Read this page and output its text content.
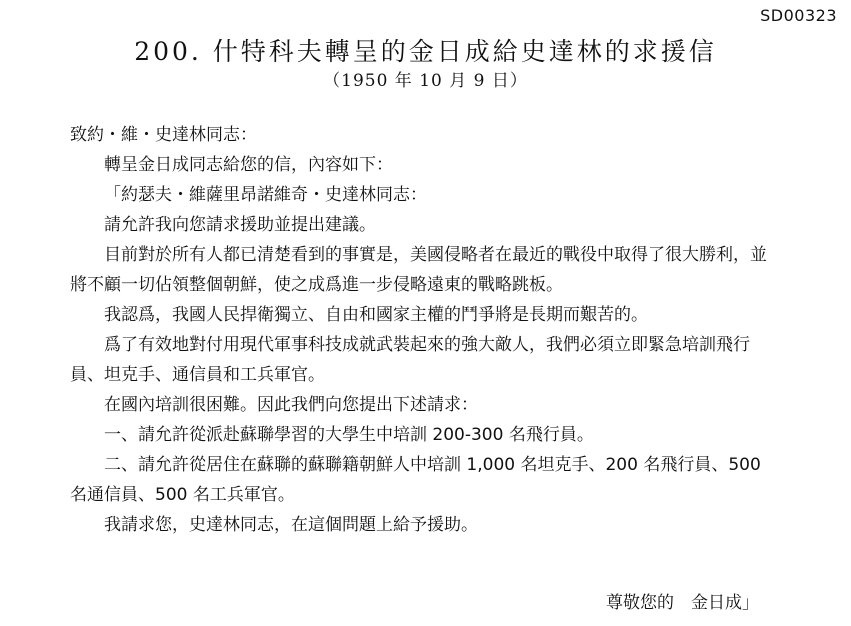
SD00323
200. 什特科夫轉呈的金日成給史達林的求援信
（1950 年 10 月 9 日）

致約・維・史達林同志：

轉呈金日成同志給您的信，內容如下：

「約瑟夫・維薩里昂諾維奇・史達林同志：

請允許我向您請求援助並提出建議。

目前對於所有人都已清楚看到的事實是，美國侵略者在最近的戰役中取得了很大勝利，並將不顧一切佔領整個朝鮮，使之成爲進一步侵略遠東的戰略跳板。

我認爲，我國人民捍衛獨立、自由和國家主權的鬥爭將是長期而艱苦的。

爲了有效地對付用現代軍事科技成就武裝起來的強大敵人，我們必須立即緊急培訓飛行員、坦克手、通信員和工兵軍官。

在國內培訓很困難。因此我們向您提出下述請求：

一、請允許從派赴蘇聯學習的大學生中培訓 200-300 名飛行員。

二、請允許從居住在蘇聯的蘇聯籍朝鮮人中培訓 1,000 名坦克手、200 名飛行員、500 名通信員、500 名工兵軍官。

我請求您，史達林同志，在這個問題上給予援助。

尊敬您的　金日成」
